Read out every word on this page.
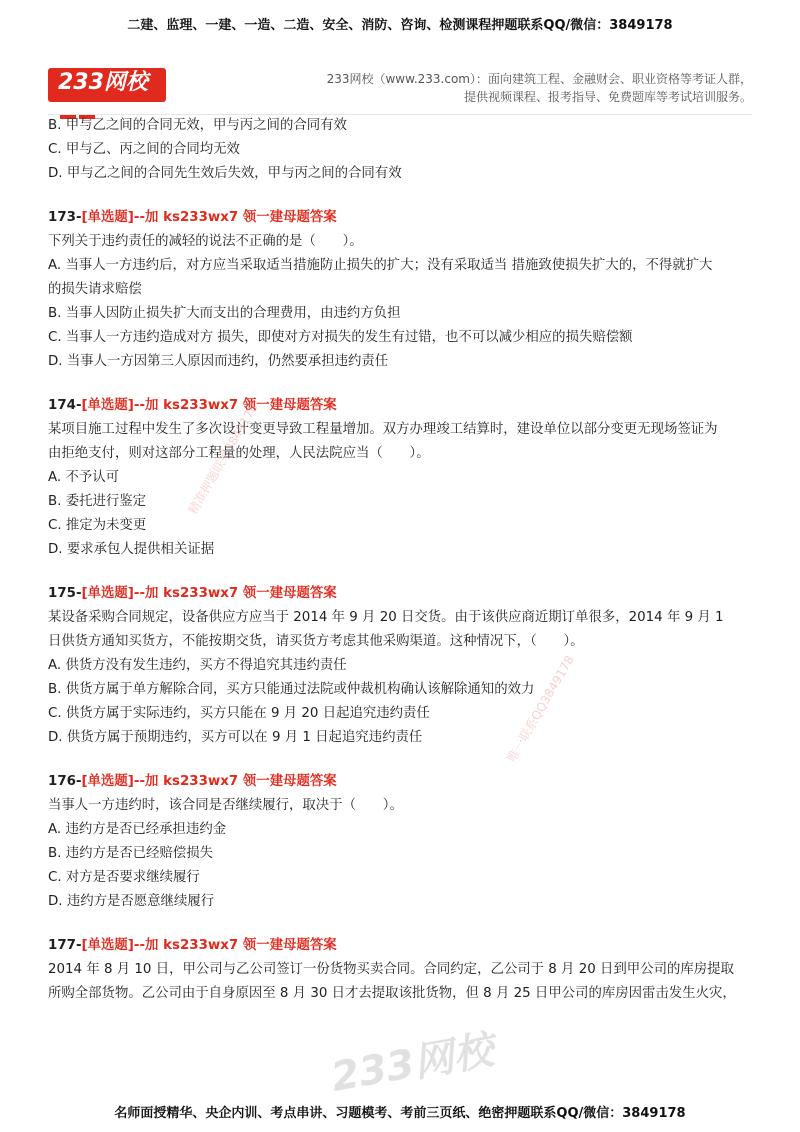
二建、监理、一建、一造、二造、安全、消防、咨询、检测课程押题联系QQ/微信：3849178
233网校
233.com
233网校（www.233.com）：面向建筑工程、金融财会、职业资格等考证人群，
提供视频课程、报考指导、免费题库等考试培训服务。

B. 甲与乙之间的合同无效，甲与丙之间的合同有效

C. 甲与乙、丙之间的合同均无效

D. 甲与乙之间的合同先生效后失效，甲与丙之间的合同有效

173-[单选题]--加 ks233wx7 领一建母题答案

下列关于违约责任的减轻的说法不正确的是（　　）。

A. 当事人一方违约后，对方应当采取适当措施防止损失的扩大；没有采取适当 措施致使损失扩大的，不得就扩大

的损失请求赔偿

B. 当事人因防止损失扩大而支出的合理费用，由违约方负担

C. 当事人一方违约造成对方 损失，即使对方对损失的发生有过错，也不可以减少相应的损失赔偿额

D. 当事人一方因第三人原因而违约，仍然要承担违约责任

174-[单选题]--加 ks233wx7 领一建母题答案

某项目施工过程中发生了多次设计变更导致工程量增加。双方办理竣工结算时，建设单位以部分变更无现场签证为

由拒绝支付，则对这部分工程量的处理，人民法院应当（　　）。

A. 不予认可

B. 委托进行鉴定

C. 推定为未变更

D. 要求承包人提供相关证据

175-[单选题]--加 ks233wx7 领一建母题答案

某设备采购合同规定，设备供应方应当于 2014 年 9 月 20 日交货。由于该供应商近期订单很多，2014 年 9 月 1

日供货方通知买货方，不能按期交货，请买货方考虑其他采购渠道。这种情况下，（　　）。

A. 供货方没有发生违约，买方不得追究其违约责任

B. 供货方属于单方解除合同，买方只能通过法院或仲裁机构确认该解除通知的效力

C. 供货方属于实际违约，买方只能在 9 月 20 日起追究违约责任

D. 供货方属于预期违约，买方可以在 9 月 1 日起追究违约责任

176-[单选题]--加 ks233wx7 领一建母题答案

当事人一方违约时，该合同是否继续履行，取决于（　　）。

A. 违约方是否已经承担违约金

B. 违约方是否已经赔偿损失

C. 对方是否要求继续履行

D. 违约方是否愿意继续履行

177-[单选题]--加 ks233wx7 领一建母题答案

2014 年 8 月 10 日，甲公司与乙公司签订一份货物买卖合同。合同约定，乙公司于 8 月 20 日到甲公司的库房提取

所购全部货物。乙公司由于自身原因至 8 月 30 日才去提取该批货物，但 8 月 25 日甲公司的库房因雷击发生火灾，

精准押题联系3849178
唯一联系QQ3849178
233网校
名师面授精华、央企内训、考点串讲、习题模考、考前三页纸、绝密押题联系QQ/微信：3849178
